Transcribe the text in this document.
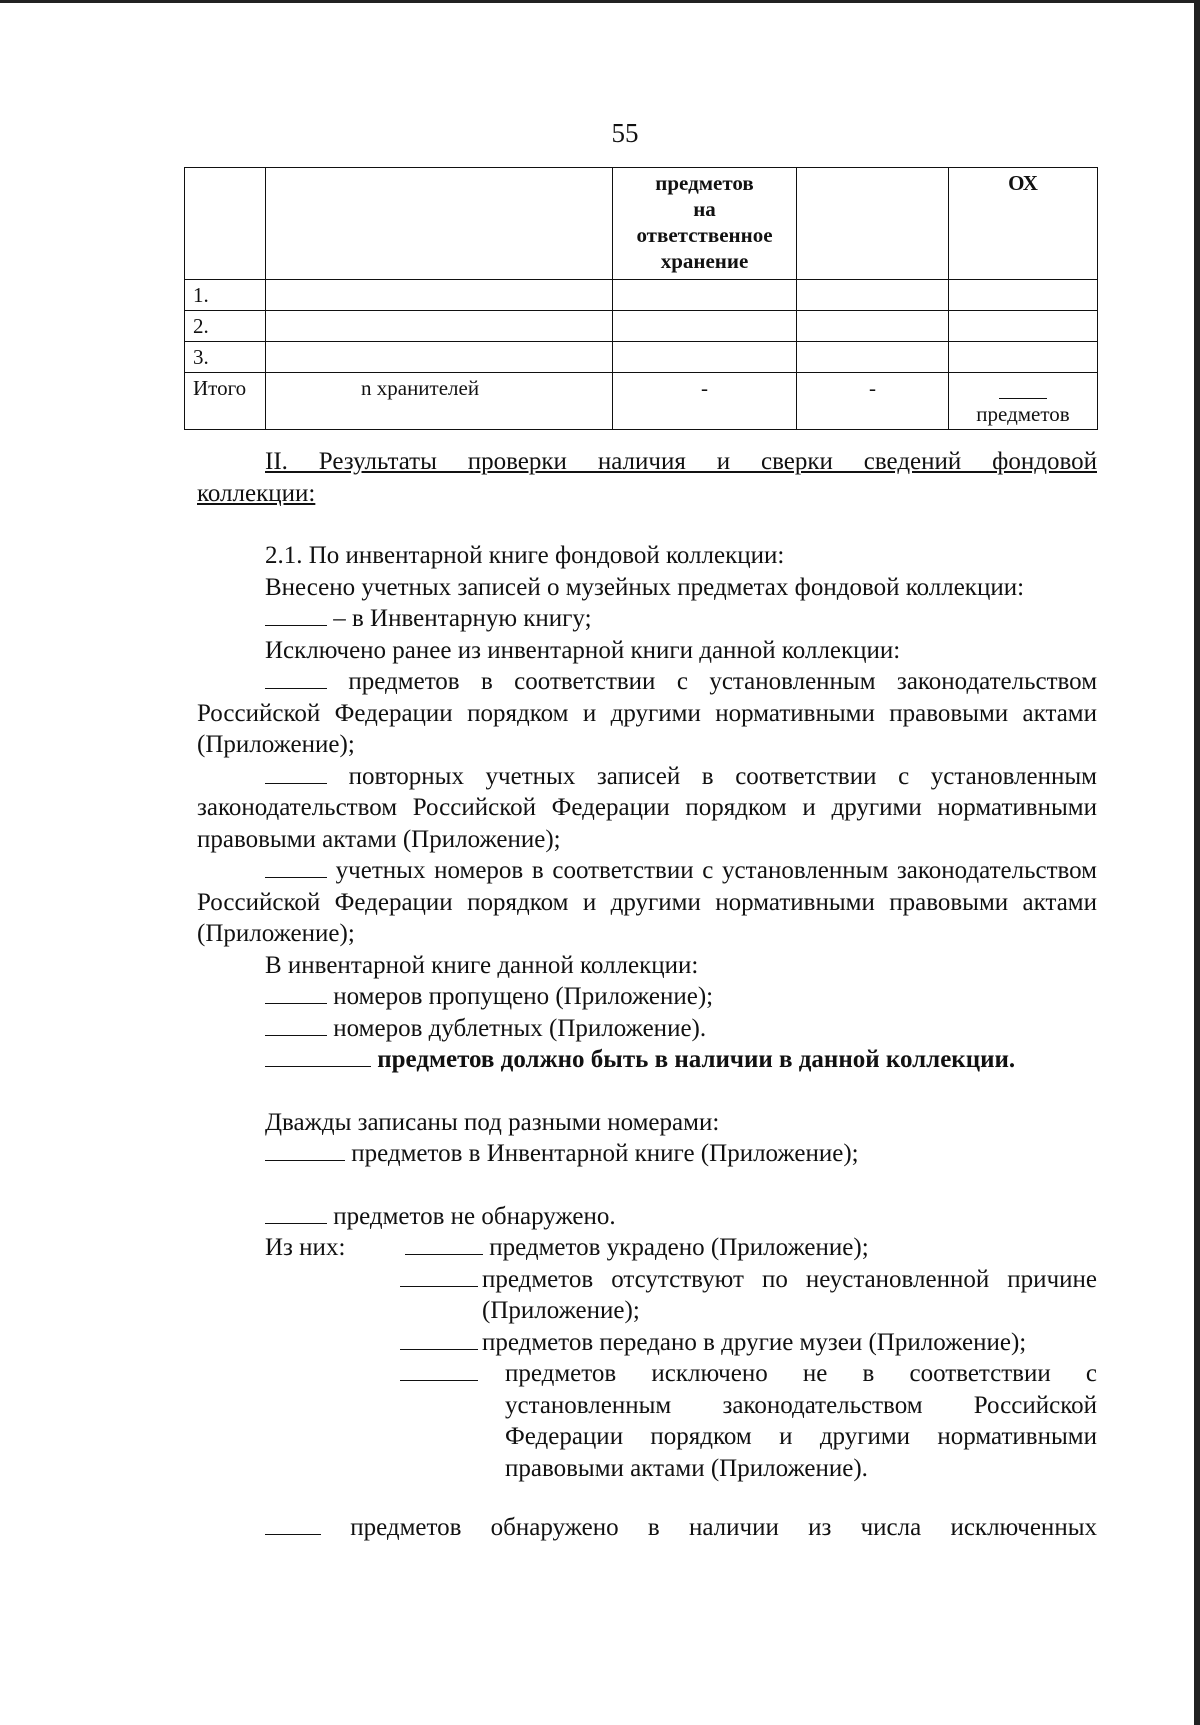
55

		предметов
на
ответственное
хранение		ОХ
1.				
2.				
3.				
Итого	n хранителей	-	-	предметов

II. Результаты проверки наличия и сверки сведений фондовой

коллекции:

2.1. По инвентарной книге фондовой коллекции:

Внесено учетных записей о музейных предметах фондовой коллекции:

– в Инвентарную книгу;

Исключено ранее из инвентарной книги данной коллекции:

предметов в соответствии с установленным законодательством Российской Федерации порядком и другими нормативными правовыми актами (Приложение);

повторных учетных записей в соответствии с установленным законодательством Российской Федерации порядком и другими нормативными правовыми актами (Приложение);

учетных номеров в соответствии с установленным законодательством Российской Федерации порядком и другими нормативными правовыми актами (Приложение);

В инвентарной книге данной коллекции:

номеров пропущено (Приложение);

номеров дублетных (Приложение).

предметов должно быть в наличии в данной коллекции.

Дважды записаны под разными номерами:

предметов в Инвентарной книге (Приложение);

предметов не обнаружено.

Из них:	предметов украдено (Приложение);
предметов отсутствуют по неустановленной причине (Приложение);
предметов передано в другие музеи (Приложение);
предметов исключено не в соответствии с установленным законодательством Российской Федерации порядком и другими нормативными правовыми актами (Приложение).

предметов обнаружено в наличии из числа исключенных
